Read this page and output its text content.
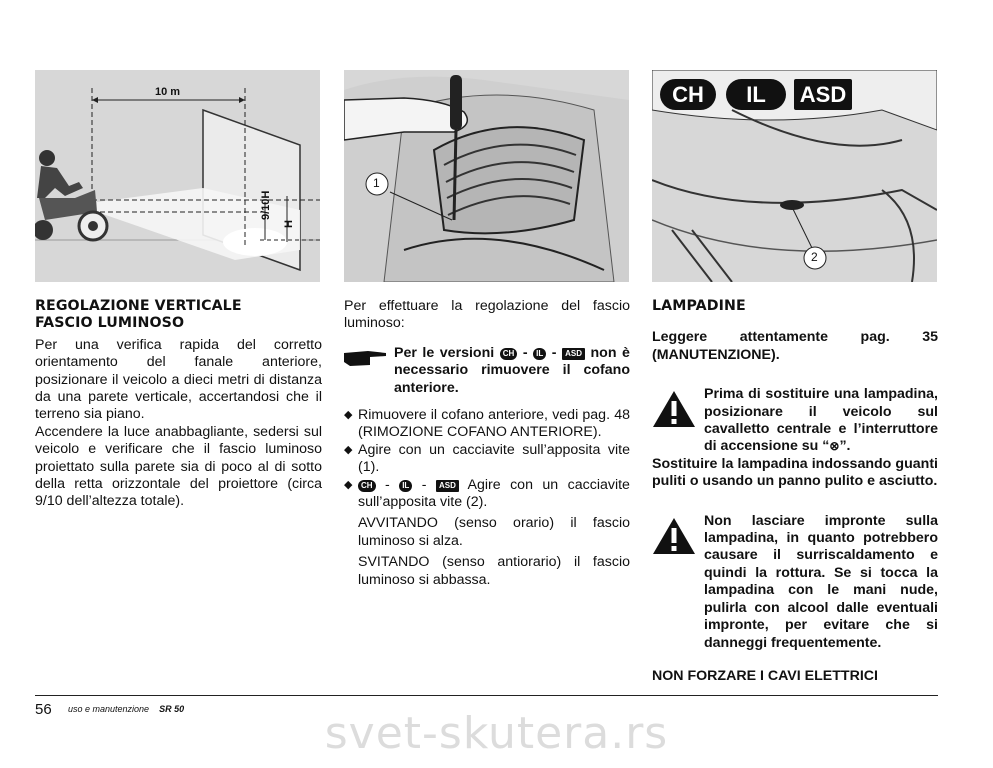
10 m
9/10H
H
1
CH	IL	ASD
2
REGOLAZIONE VERTICALE
FASCIO LUMINOSO

Per una verifica rapida del corretto orientamento del fanale anteriore, posizionare il veicolo a dieci metri di distanza da una parete verticale, accertandosi che il terreno sia piano.

Accendere la luce anabbagliante, sedersi sul veicolo e verificare che il fascio luminoso proiettato sulla parete sia di poco al di sotto della retta orizzontale del proiettore (circa 9/10 dell’altezza totale).

Per effettuare la regolazione del fascio luminoso:

Per le versioni CH - IL - ASD non è necessario rimuovere il cofano anteriore.
◆ Rimuovere il cofano anteriore, vedi pag. 48 (RIMOZIONE COFANO ANTERIORE).
◆ Agire con un cacciavite sull’apposita vite (1).
◆ CH - IL - ASD Agire con un cacciavite sull’apposita vite (2).

AVVITANDO (senso orario) il fascio luminoso si alza.

SVITANDO (senso antiorario) il fascio luminoso si abbassa.

LAMPADINE

Leggere attentamente pag. 35 (MANUTENZIONE).

Prima di sostituire una lampadina, posizionare il veicolo sul cavalletto centrale e l’interruttore di accensione su “⊗”.

Sostituire la lampadina indossando guanti puliti o usando un panno pulito e asciutto.

Non lasciare impronte sulla lampadina, in quanto potrebbero causare il surriscaldamento e quindi la rottura. Se si tocca la lampadina con le mani nude, pulirla con alcool dalle eventuali impronte, per evitare che si danneggi frequentemente.

NON FORZARE I CAVI ELETTRICI

56 uso e manutenzione SR 50	svet-skutera.rs
